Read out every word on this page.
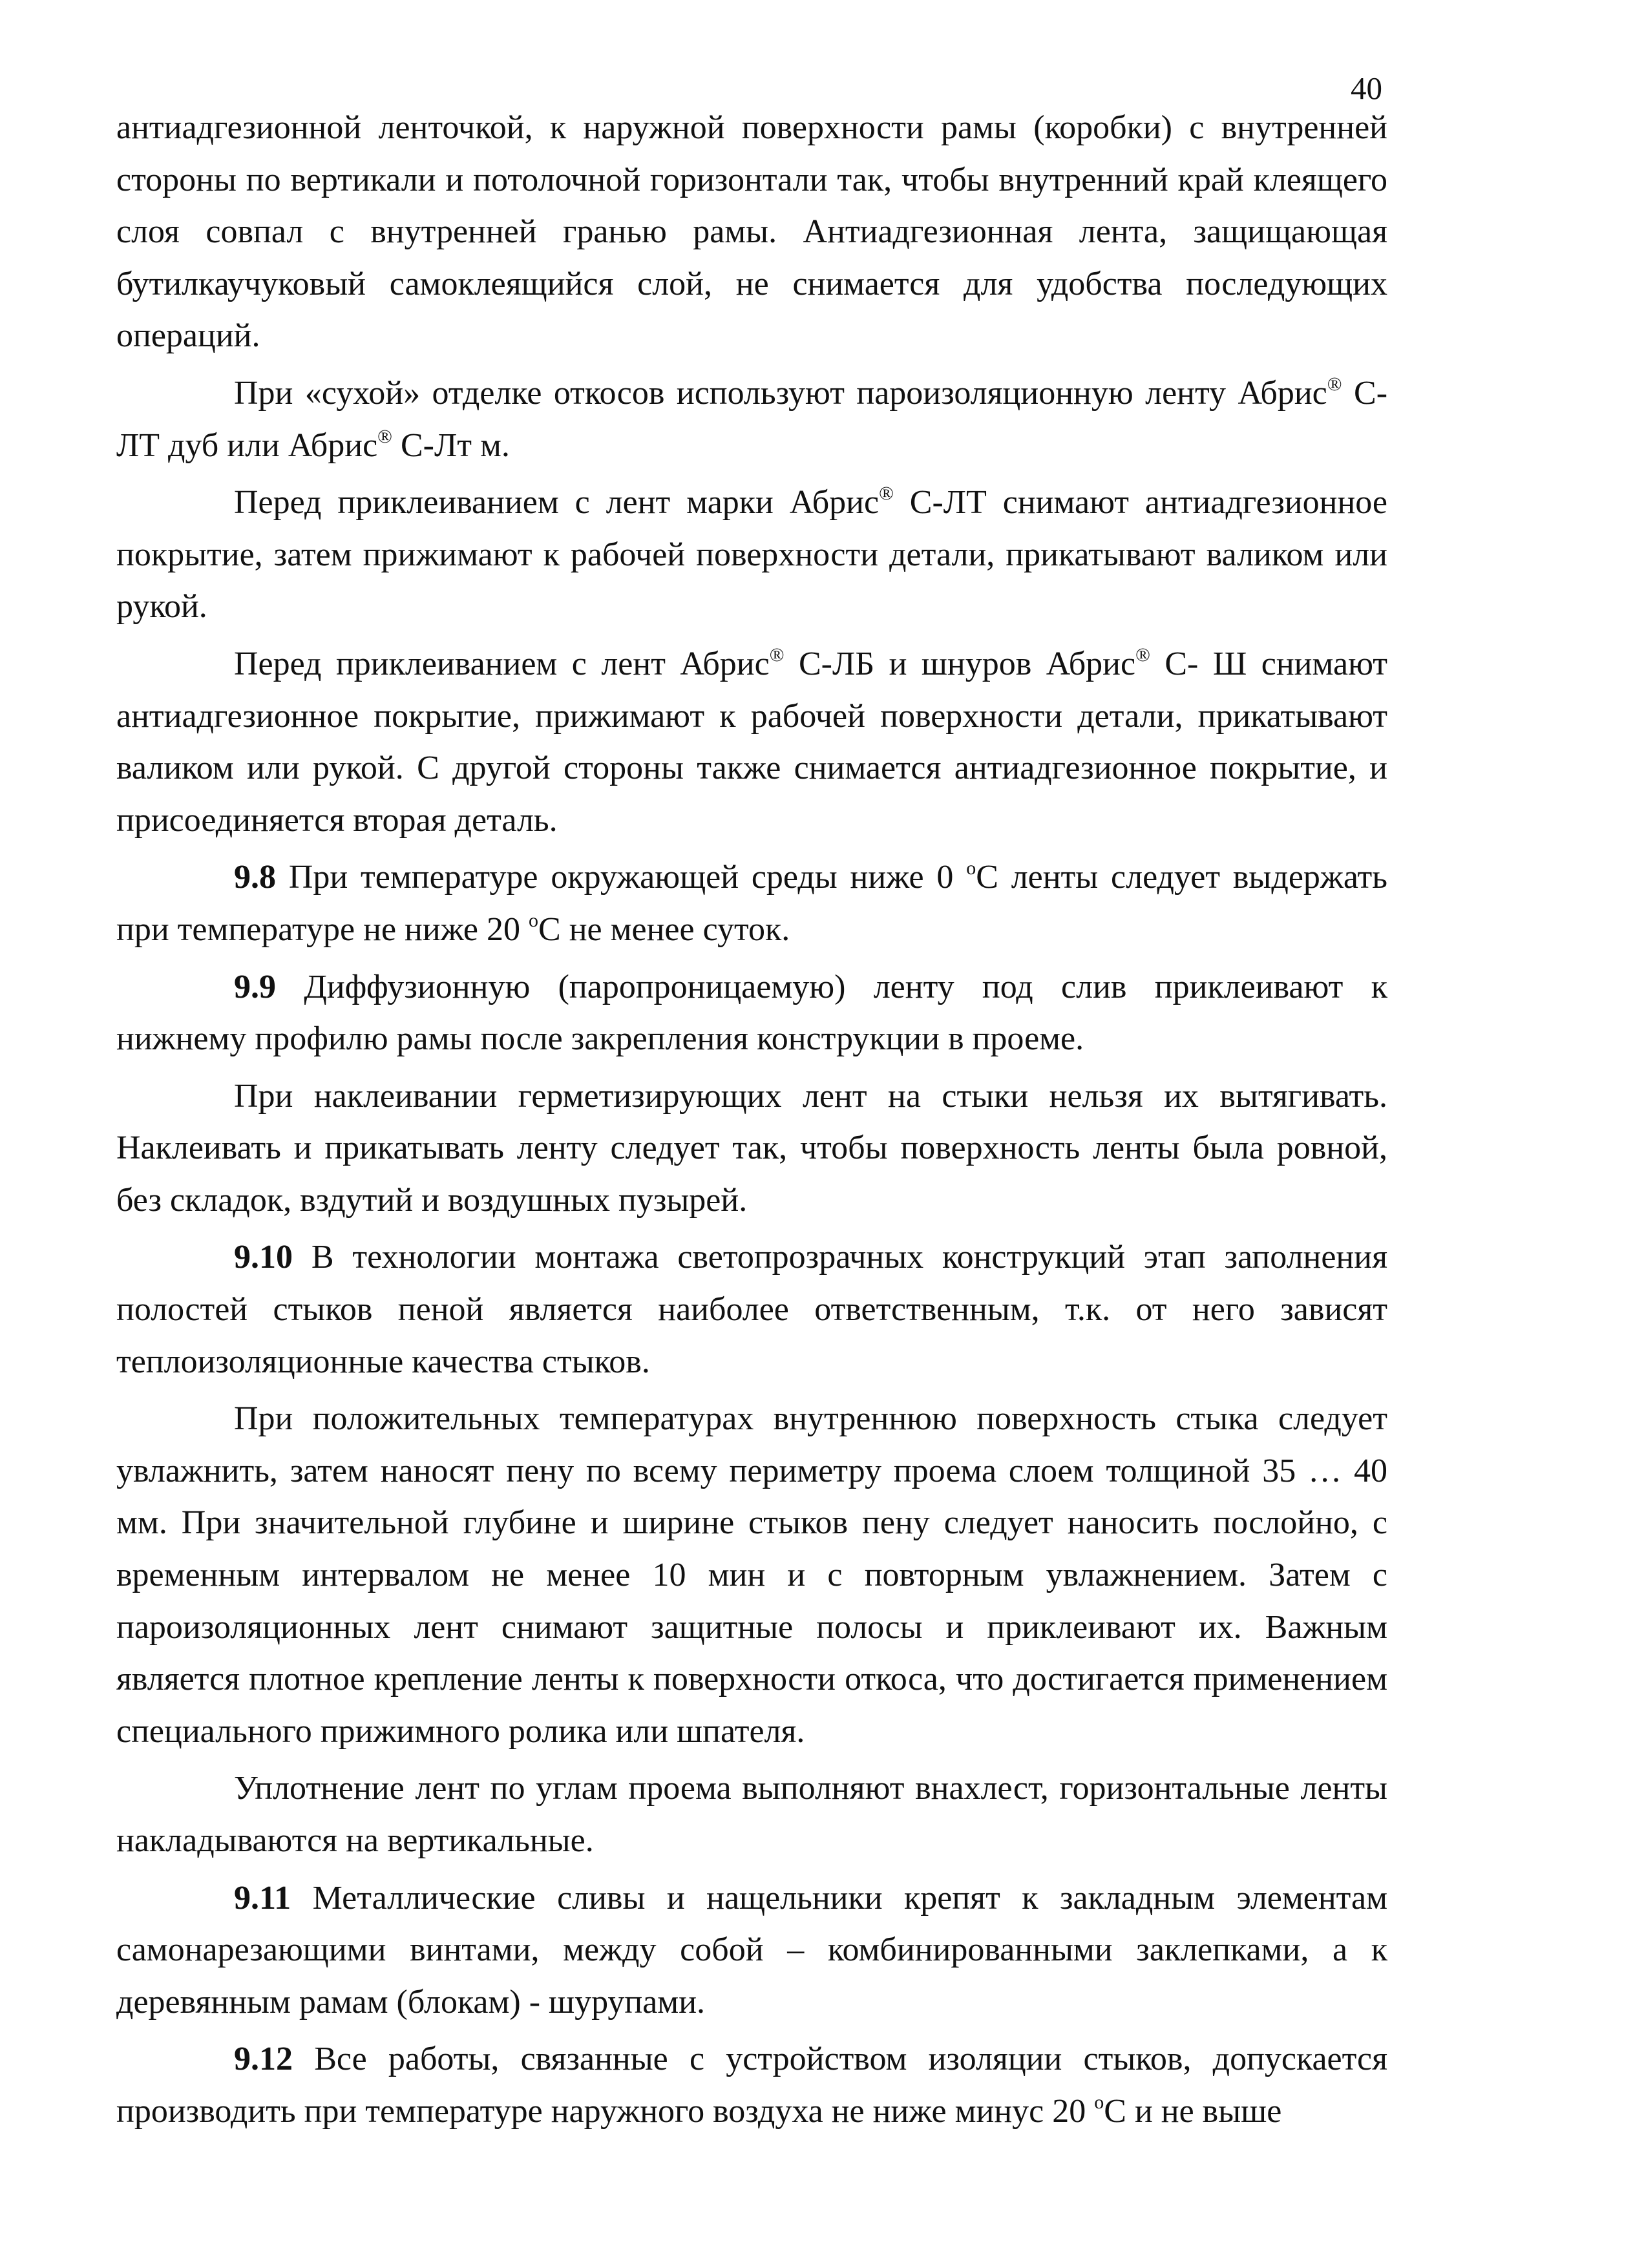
40

антиадгезионной ленточкой, к наружной поверхности рамы (коробки) с внутренней стороны по вертикали и потолочной горизонтали так, чтобы внутренний край клеящего слоя совпал с внутренней гранью рамы. Антиадгезионная лента, защищающая бутилкаучуковый самоклеящийся слой, не снимается для удобства последующих операций.

При «сухой» отделке откосов используют пароизоляционную ленту Абрис® С-ЛТ дуб или Абрис® С-Лт м.

Перед приклеиванием с лент марки Абрис® С-ЛТ снимают антиадгезионное покрытие, затем прижимают к рабочей поверхности детали, прикатывают валиком или рукой.

Перед приклеиванием с лент Абрис® С-ЛБ и шнуров Абрис® С- Ш снимают антиадгезионное покрытие, прижимают к рабочей поверхности детали, прикатывают валиком или рукой. С другой стороны также снимается антиадгезионное покрытие, и присоединяется вторая деталь.

9.8 При температуре окружающей среды ниже 0 $^o$C ленты следует выдержать при температуре не ниже 20 $^o$C не менее суток.

9.9 Диффузионную (паропроницаемую) ленту под слив приклеивают к нижнему профилю рамы после закрепления конструкции в проеме.

При наклеивании герметизирующих лент на стыки нельзя их вытягивать. Наклеивать и прикатывать ленту следует так, чтобы поверхность ленты была ровной, без складок, вздутий и воздушных пузырей.

9.10 В технологии монтажа светопрозрачных конструкций этап заполнения полостей стыков пеной является наиболее ответственным, т.к. от него зависят теплоизоляционные качества стыков.

При положительных температурах внутреннюю поверхность стыка следует увлажнить, затем наносят пену по всему периметру проема слоем толщиной 35 … 40 мм. При значительной глубине и ширине стыков пену следует наносить послойно, с временным интервалом не менее 10 мин и с повторным увлажнением. Затем с пароизоляционных лент снимают защитные полосы и приклеивают их. Важным является плотное крепление ленты к поверхности откоса, что достигается применением специального прижимного ролика или шпателя.

Уплотнение лент по углам проема выполняют внахлест, горизонтальные ленты накладываются на вертикальные.

9.11 Металлические сливы и нащельники крепят к закладным элементам самонарезающими винтами, между собой – комбинированными заклепками, а к деревянным рамам (блокам) - шурупами.

9.12 Все работы, связанные с устройством изоляции стыков, допускается производить при температуре наружного воздуха не ниже минус 20 $^o$C и не выше
